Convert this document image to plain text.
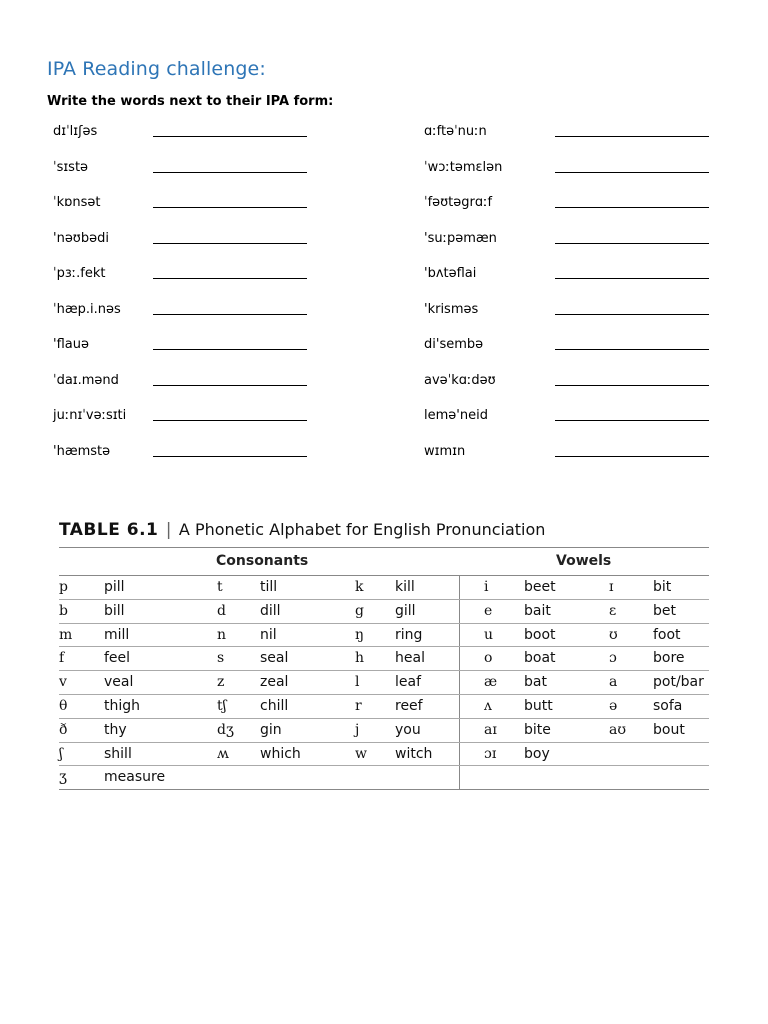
IPA Reading challenge:
Write the words next to their IPA form:
dɪˈlɪʃəs
ˈsɪstə
ˈkɒnsət
'nəʊbədi
ˈpɜː.fekt
ˈhæp.i.nəs
'flauə
ˈdaɪ.mənd
juːnɪˈvəːsɪti
'hæmstə
ɑːftəˈnuːn
ˈwɔːtəmɛlən
ˈfəʊtəgrɑːf
'suːpəmæn
'bʌtəflai
'krisməs
di'sembə
avəˈkɑːdəʊ
lemə'neid
wɪmɪn
TABLE 6.1 | A Phonetic Alphabet for English Pronunciation
Consonants	Vowels
p	pill	t	till	k kill	i	beet	ɪ	bit
b	bill	d dill	g gill	e bait	ɛ	bet
m mill	n nil	ŋ ring	u boot	ʊ	foot
f	feel	s	seal	h heal	o boat	ɔ	bore
v	veal	z	zeal	l	leaf	æ bat	a	pot/bar
θ	thigh	tʃ chill	r reef	ʌ butt	ə	sofa
ð	thy	dʒ gin	j	you	aɪ bite	aʊ bout
ʃ	shill	ʍ which	w witch	ɔɪ boy
ʒ	measure
